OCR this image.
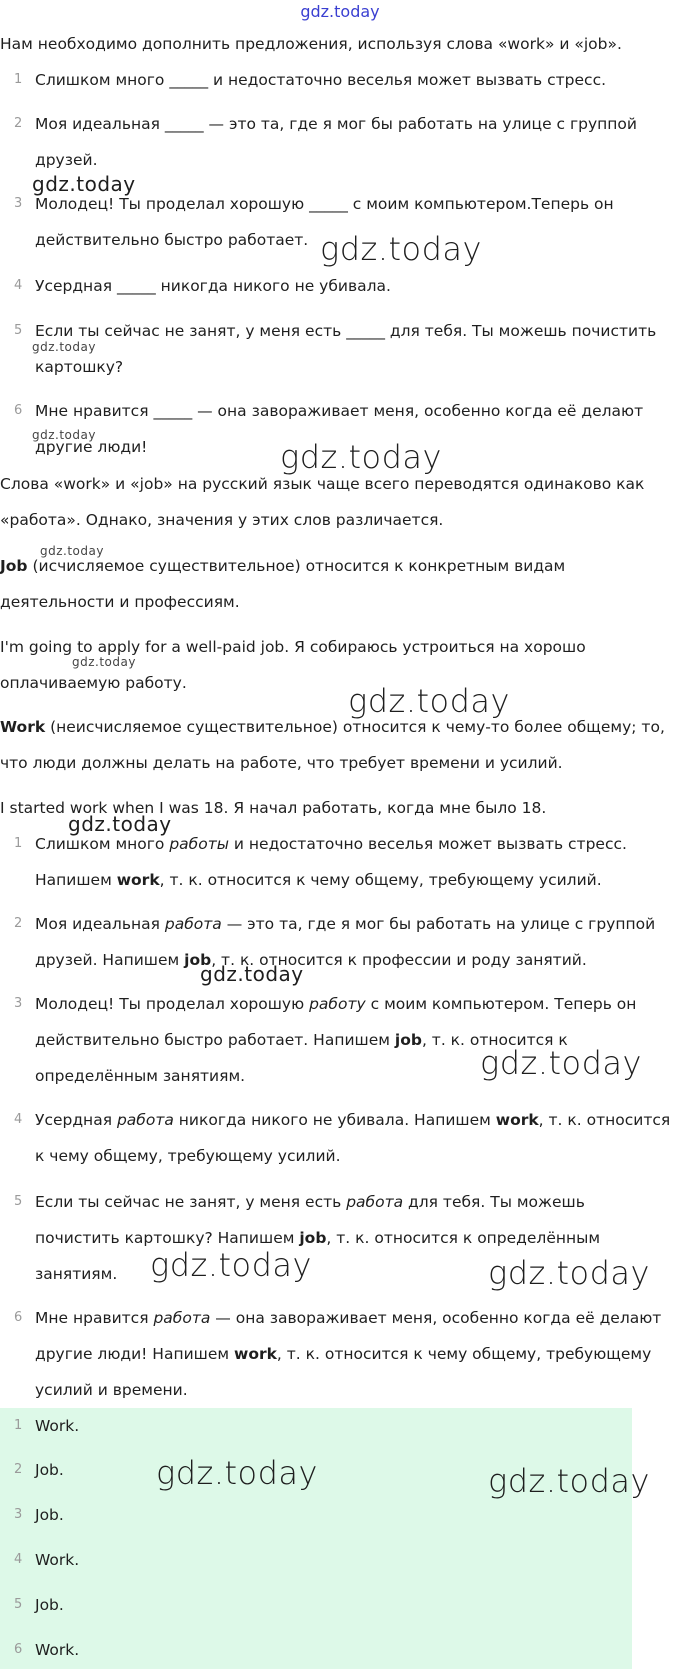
gdz.today
Нам необходимо дополнить предложения, используя слова «work» и «job».
1 Слишком много _____ и недостаточно веселья может вызвать стресс.
2 Моя идеальная _____ — это та, где я мог бы работать на улице с группой друзей.
3 Молодец! Ты проделал хорошую _____ с моим компьютером.Теперь он действительно быстро работает.
4 Усердная _____ никогда никого не убивала.
5 Если ты сейчас не занят, у меня есть _____ для тебя. Ты можешь почистить картошку?
6 Мне нравится _____ — она завораживает меня, особенно когда её делают другие люди!
Слова «work» и «job» на русский язык чаще всего переводятся одинаково как «работа». Однако, значения у этих слов различается.
Job (исчисляемое существительное) относится к конкретным видам деятельности и профессиям.
I'm going to apply for a well-paid job. Я собираюсь устроиться на хорошо оплачиваемую работу.
Work (неисчисляемое существительное) относится к чему-то более общему; то, что люди должны делать на работе, что требует времени и усилий.
I started work when I was 18. Я начал работать, когда мне было 18.
1 Слишком много работы и недостаточно веселья может вызвать стресс. Напишем work, т. к. относится к чему общему, требующему усилий.
2 Моя идеальная работа — это та, где я мог бы работать на улице с группой друзей. Напишем job, т. к. относится к профессии и роду занятий.
3 Молодец! Ты проделал хорошую работу с моим компьютером. Теперь он действительно быстро работает. Напишем job, т. к. относится к определённым занятиям.
4 Усердная работа никогда никого не убивала. Напишем work, т. к. относится к чему общему, требующему усилий.
5 Если ты сейчас не занят, у меня есть работа для тебя. Ты можешь почистить картошку? Напишем job, т. к. относится к определённым занятиям.
6 Мне нравится работа — она завораживает меня, особенно когда её делают другие люди! Напишем work, т. к. относится к чему общему, требующему усилий и времени.
1 Work.
2 Job.
3 Job.
4 Work.
5 Job.
6 Work.
gdz.today
gdz.today
gdz.today
gdz.today
gdz.today
gdz.today
gdz.today
gdz.today
gdz.today
gdz.today
gdz.today
gdz.today	gdz.today
gdz.today	gdz.today
